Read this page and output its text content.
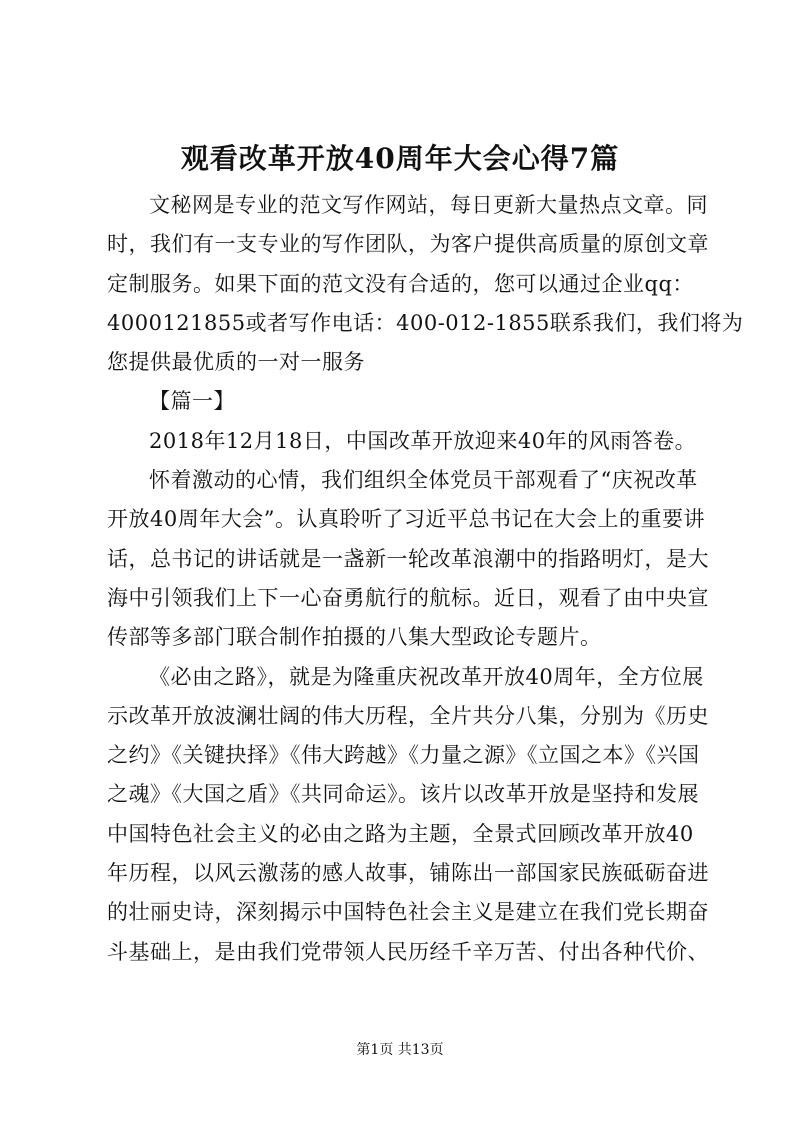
观看改革开放40周年大会心得7篇
文秘网是专业的范文写作网站，每日更新大量热点文章。同
时，我们有一支专业的写作团队，为客户提供高质量的原创文章
定制服务。如果下面的范文没有合适的，您可以通过企业qq：
4000121855或者写作电话：400-012-1855联系我们，我们将为
您提供最优质的一对一服务
【篇一】
2018年12月18日，中国改革开放迎来40年的风雨答卷。
怀着激动的心情，我们组织全体党员干部观看了“庆祝改革
开放40周年大会”。认真聆听了习近平总书记在大会上的重要讲
话，总书记的讲话就是一盏新一轮改革浪潮中的指路明灯，是大
海中引领我们上下一心奋勇航行的航标。近日，观看了由中央宣
传部等多部门联合制作拍摄的八集大型政论专题片。
《必由之路》，就是为隆重庆祝改革开放40周年，全方位展
示改革开放波澜壮阔的伟大历程，全片共分八集，分别为《历史
之约》《关键抉择》《伟大跨越》《力量之源》《立国之本》《兴国
之魂》《大国之盾》《共同命运》。该片以改革开放是坚持和发展
中国特色社会主义的必由之路为主题，全景式回顾改革开放40
年历程，以风云激荡的感人故事，铺陈出一部国家民族砥砺奋进
的壮丽史诗，深刻揭示中国特色社会主义是建立在我们党长期奋
斗基础上，是由我们党带领人民历经千辛万苦、付出各种代价、
第1页 共13页
